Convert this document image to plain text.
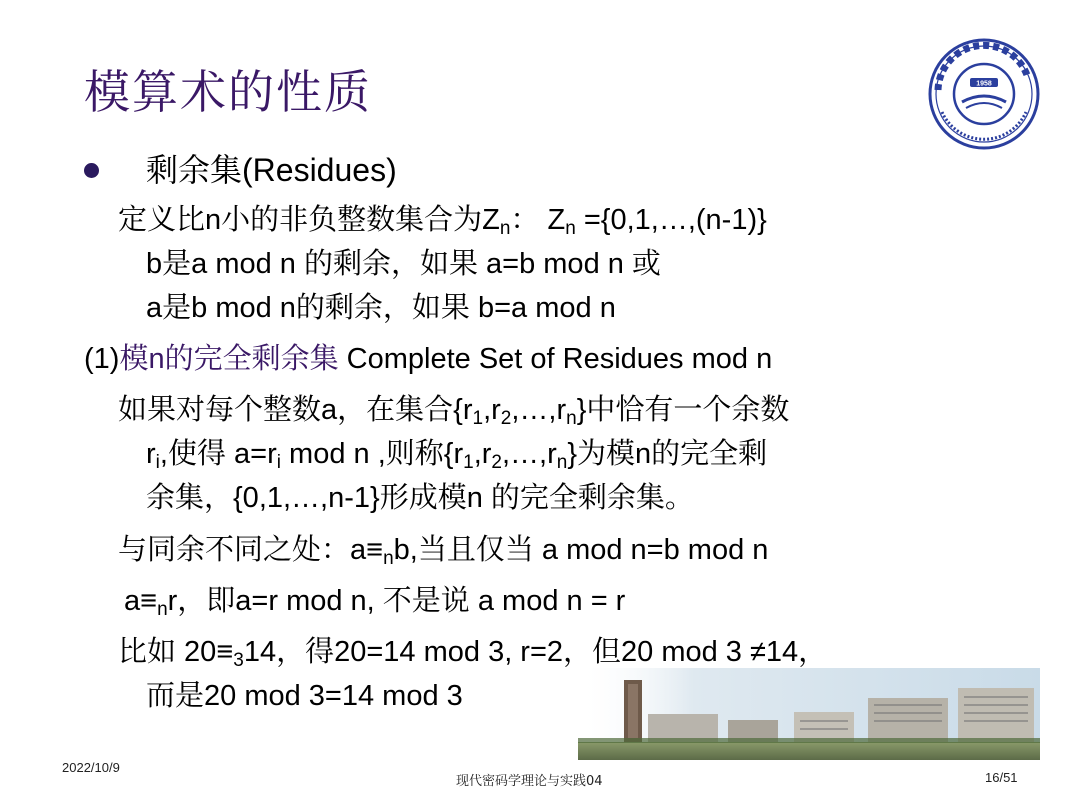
模算术的性质	1958
剩余集(Residues)
定义比n小的非负整数集合为$Z_n$： $Z_n$ ={0,1,…,(n-1)}
b是a mod n 的剩余，如果 a=b mod n 或
a是b mod n的剩余，如果 b=a mod n
(1)模n的完全剩余集 Complete Set of Residues mod n
如果对每个整数a，在集合$\{r_1,r_2,\dots,r_n\}$中恰有一个余数
$r_i$,使得 $a=r_i$ mod n ,则称$\{r_1,r_2,\dots,r_n\}$为模n的完全剩
余集，{0,1,…,n-1}形成模n 的完全剩余集。
与同余不同之处：$a\equiv_nb$,当且仅当 a mod n=b mod n
$a\equiv_nr$，即a=r mod n, 不是说 a mod n = r
比如 $20\equiv_314$，得20=14 mod 3, r=2，但20 mod 3 ≠14，
而是20 mod 3=14 mod 3
2022/10/9
现代密码学理论与实践04	16/51
